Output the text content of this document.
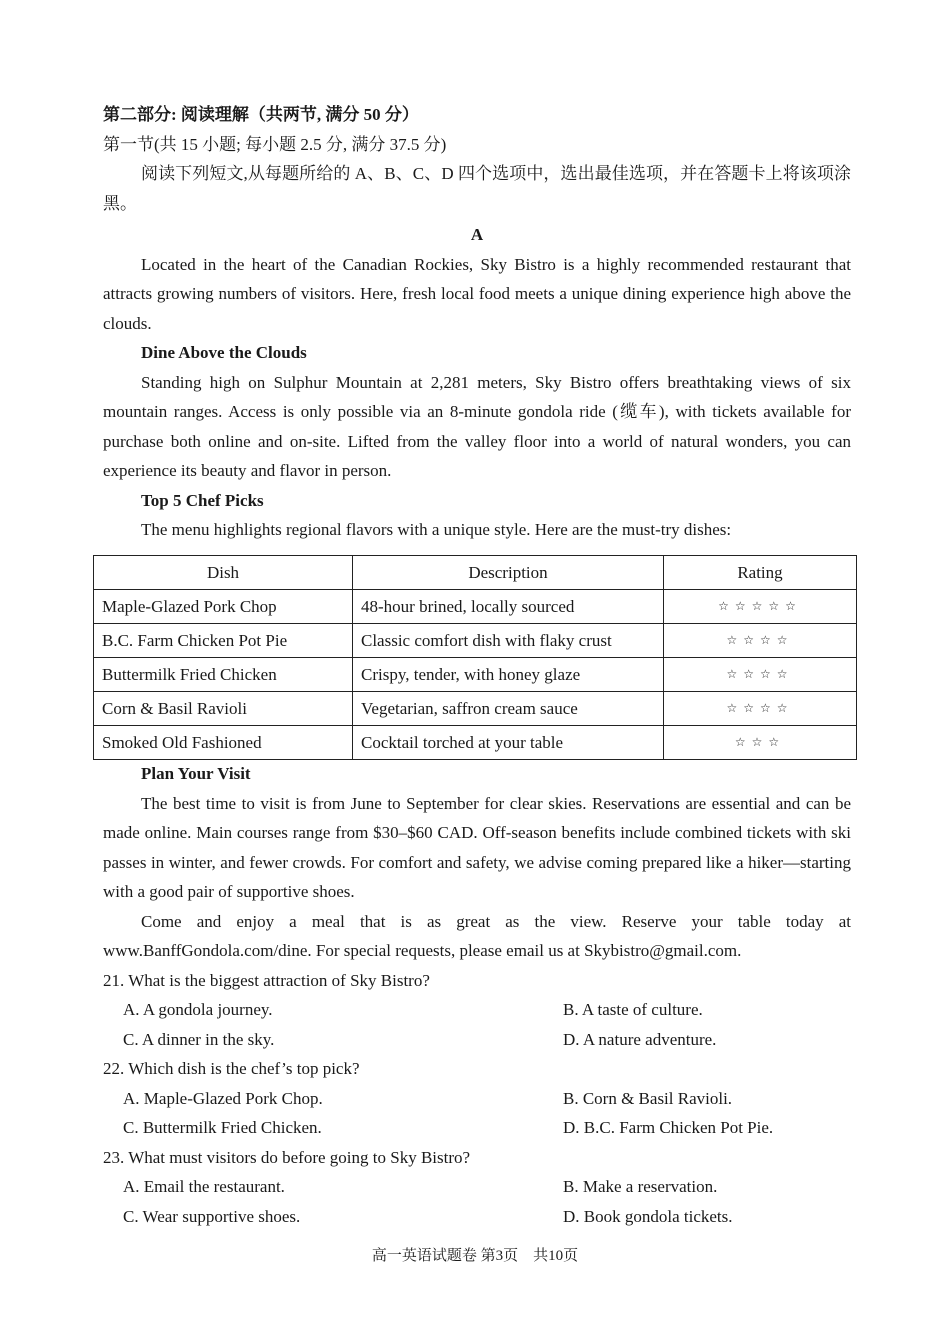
第二部分: 阅读理解（共两节, 满分 50 分）

第一节(共 15 小题; 每小题 2.5 分, 满分 37.5 分)

阅读下列短文,从每题所给的 A、B、C、D 四个选项中，选出最佳选项，并在答题卡上将该项涂黑。

A

Located in the heart of the Canadian Rockies, Sky Bistro is a highly recommended restaurant that attracts growing numbers of visitors. Here, fresh local food meets a unique dining experience high above the clouds.

Dine Above the Clouds

Standing high on Sulphur Mountain at 2,281 meters, Sky Bistro offers breathtaking views of six mountain ranges. Access is only possible via an 8-minute gondola ride (缆车), with tickets available for purchase both online and on-site. Lifted from the valley floor into a world of natural wonders, you can experience its beauty and flavor in person.

Top 5 Chef Picks

The menu highlights regional flavors with a unique style. Here are the must-try dishes:

Dish	Description	Rating
Maple-Glazed Pork Chop	48-hour brined, locally sourced	☆☆☆☆☆
B.C. Farm Chicken Pot Pie	Classic comfort dish with flaky crust	☆☆☆☆
Buttermilk Fried Chicken	Crispy, tender, with honey glaze	☆☆☆☆
Corn & Basil Ravioli	Vegetarian, saffron cream sauce	☆☆☆☆
Smoked Old Fashioned	Cocktail torched at your table	☆☆☆

Plan Your Visit

The best time to visit is from June to September for clear skies. Reservations are essential and can be made online. Main courses range from $30–$60 CAD. Off-season benefits include combined tickets with ski passes in winter, and fewer crowds. For comfort and safety, we advise coming prepared like a hiker—starting with a good pair of supportive shoes.

Come and enjoy a meal that is as great as the view. Reserve your table today at www.BanffGondola.com/dine. For special requests, please email us at Skybistro@gmail.com.

21. What is the biggest attraction of Sky Bistro?

A. A gondola journey.	B. A taste of culture.
C. A dinner in the sky.	D. A nature adventure.

22. Which dish is the chef’s top pick?

A. Maple-Glazed Pork Chop.	B. Corn & Basil Ravioli.
C. Buttermilk Fried Chicken.	D. B.C. Farm Chicken Pot Pie.

23. What must visitors do before going to Sky Bistro?

A. Email the restaurant.	B. Make a reservation.
C. Wear supportive shoes.	D. Book gondola tickets.
高一英语试题卷 第3页　共10页
